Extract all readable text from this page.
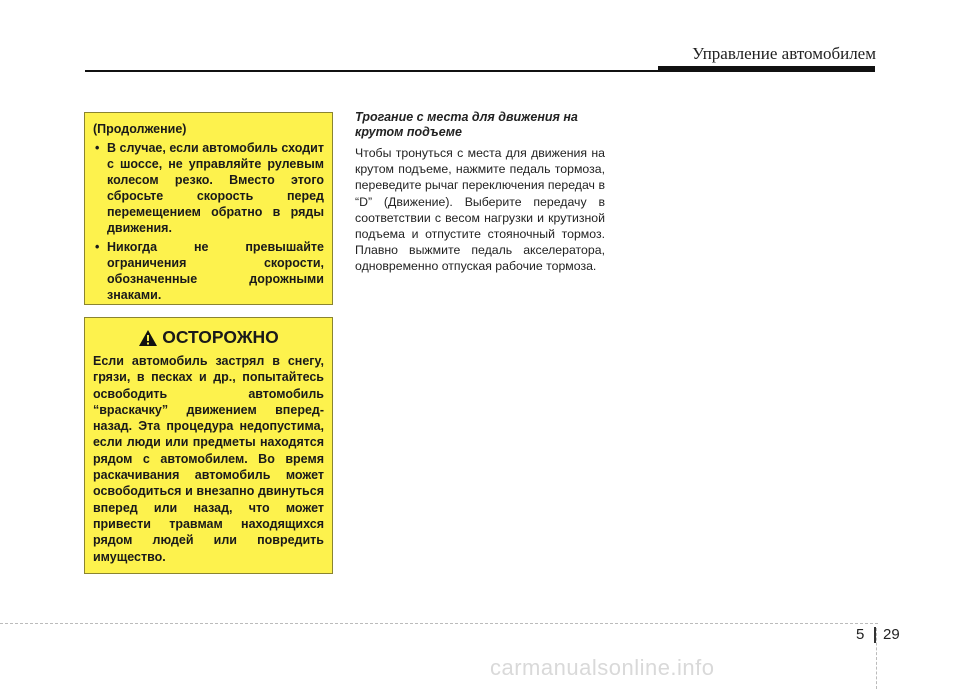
Управление автомобилем

(Продолжение)

• В случае, если автомобиль сходит с шоссе, не управляйте рулевым колесом резко. Вместо этого сбросьте скорость перед перемещением обратно в ряды движения.
• Никогда не превышайте ограничения скорости, обозначенные дорожными знаками.
ОСТОРОЖНО

Если автомобиль застрял в снегу, грязи, в песках и др., попытайтесь освободить автомобиль “враскачку” движением вперед-назад. Эта процедура недопустима, если люди или предметы находятся рядом с автомобилем. Во время раскачивания автомобиль может освободиться и внезапно двинуться вперед или назад, что может привести травмам находящихся рядом людей или повредить имущество.

Трогание с места для движения на крутом подъеме

Чтобы тронуться с места для движения на крутом подъеме, нажмите педаль тормоза, переведите рычаг переключения передач в “D” (Движение). Выберите передачу в соответствии с весом нагрузки и крутизной подъема и отпустите стояночный тормоз. Плавно выжмите педаль акселератора, одновременно отпуская рабочие тормоза.

5 29
carmanualsonline.info
